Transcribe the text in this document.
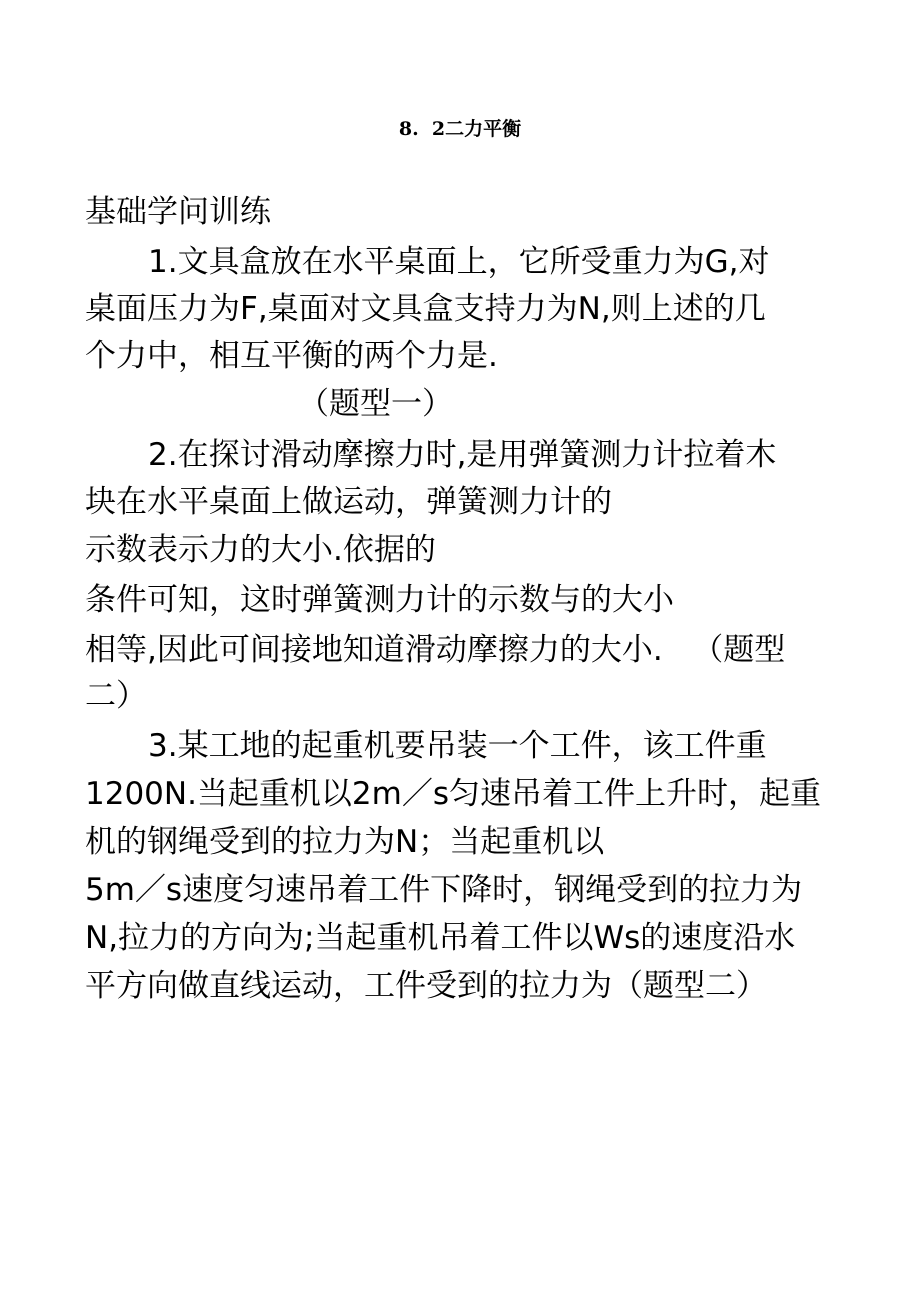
8.  2二力平衡
基础学问训练
1.文具盒放在水平桌面上，它所受重力为G,对
桌面压力为F,桌面对文具盒支持力为N,则上述的几
个力中，相互平衡的两个力是.
（题型一）
2.在探讨滑动摩擦力时,是用弹簧测力计拉着木
块在水平桌面上做运动，弹簧测力计的
示数表示力的大小.依据的
条件可知，这时弹簧测力计的示数与的大小
相等,因此可间接地知道滑动摩擦力的大小.   （题型
二）
3.某工地的起重机要吊装一个工件，该工件重
1200N.当起重机以2m／s匀速吊着工件上升时，起重
机的钢绳受到的拉力为N；当起重机以
5m／s速度匀速吊着工件下降时，钢绳受到的拉力为
N,拉力的方向为;当起重机吊着工件以Ws的速度沿水
平方向做直线运动，工件受到的拉力为（题型二）
